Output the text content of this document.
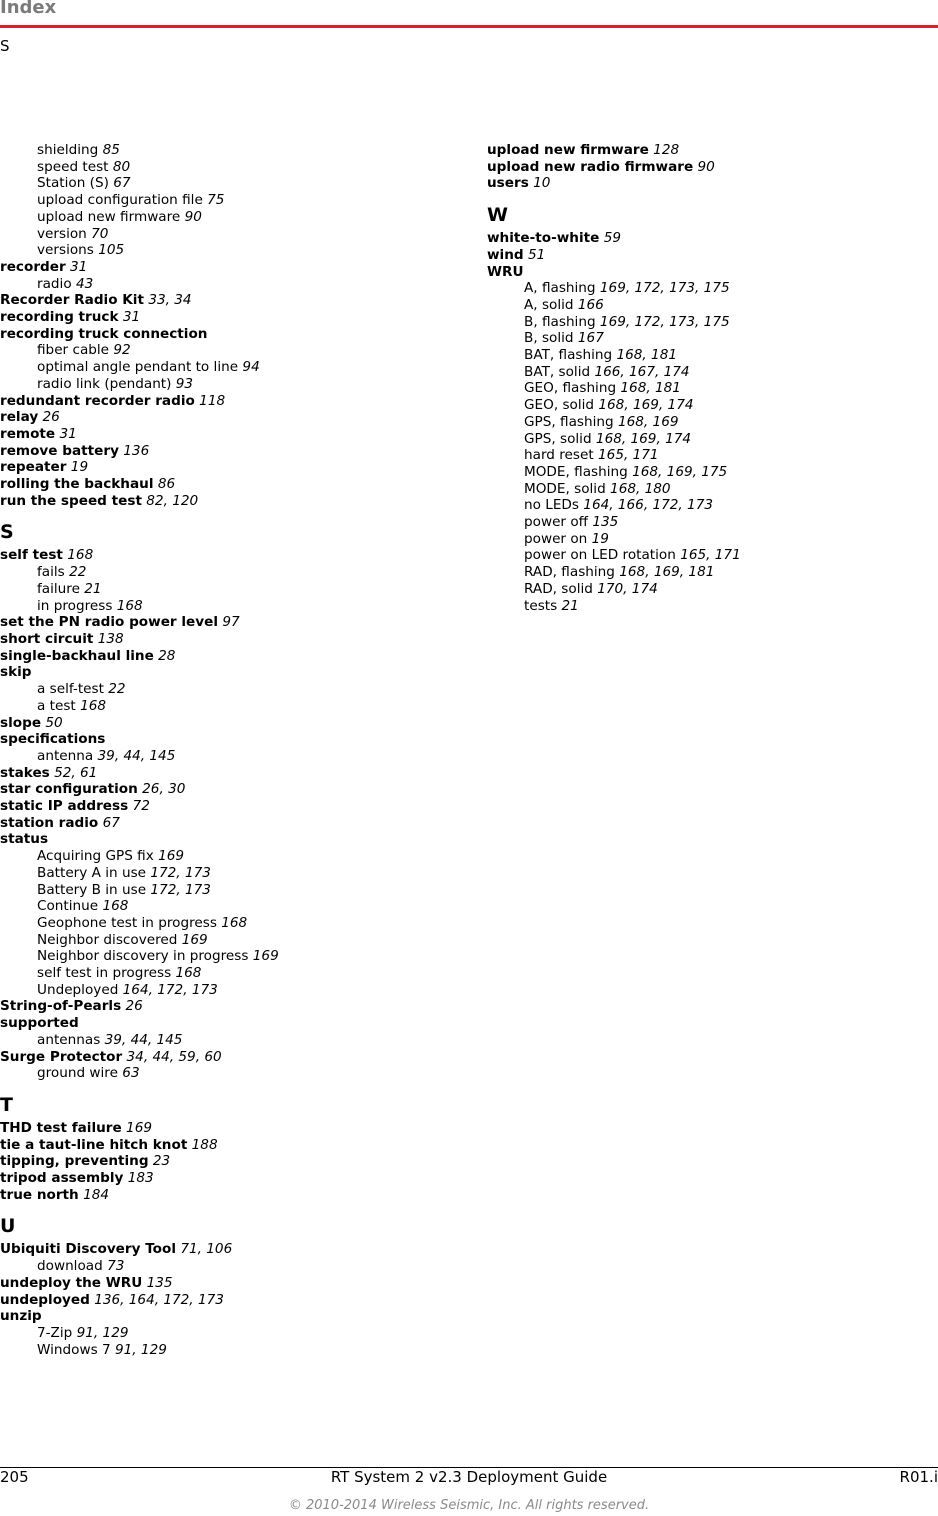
Index
S
shielding 85
speed test 80
Station (S) 67
upload configuration file 75
upload new firmware 90
version 70
versions 105
recorder 31
radio 43
Recorder Radio Kit 33, 34
recording truck 31
recording truck connection
fiber cable 92
optimal angle pendant to line 94
radio link (pendant) 93
redundant recorder radio 118
relay 26
remote 31
remove battery 136
repeater 19
rolling the backhaul 86
run the speed test 82, 120
S
self test 168
fails 22
failure 21
in progress 168
set the PN radio power level 97
short circuit 138
single-backhaul line 28
skip
a self-test 22
a test 168
slope 50
specifications
antenna 39, 44, 145
stakes 52, 61
star configuration 26, 30
static IP address 72
station radio 67
status
Acquiring GPS fix 169
Battery A in use 172, 173
Battery B in use 172, 173
Continue 168
Geophone test in progress 168
Neighbor discovered 169
Neighbor discovery in progress 169
self test in progress 168
Undeployed 164, 172, 173
String-of-Pearls 26
supported
antennas 39, 44, 145
Surge Protector 34, 44, 59, 60
ground wire 63
T
THD test failure 169
tie a taut-line hitch knot 188
tipping, preventing 23
tripod assembly 183
true north 184
U
Ubiquiti Discovery Tool 71, 106
download 73
undeploy the WRU 135
undeployed 136, 164, 172, 173
unzip
7-Zip 91, 129
Windows 7 91, 129
upload new firmware 128
upload new radio firmware 90
users 10
W
white-to-white 59
wind 51
WRU
A, flashing 169, 172, 173, 175
A, solid 166
B, flashing 169, 172, 173, 175
B, solid 167
BAT, flashing 168, 181
BAT, solid 166, 167, 174
GEO, flashing 168, 181
GEO, solid 168, 169, 174
GPS, flashing 168, 169
GPS, solid 168, 169, 174
hard reset 165, 171
MODE, flashing 168, 169, 175
MODE, solid 168, 180
no LEDs 164, 166, 172, 173
power off 135
power on 19
power on LED rotation 165, 171
RAD, flashing 168, 169, 181
RAD, solid 170, 174
tests 21
205	RT System 2 v2.3 Deployment Guide	R01.i
© 2010-2014 Wireless Seismic, Inc. All rights reserved.
